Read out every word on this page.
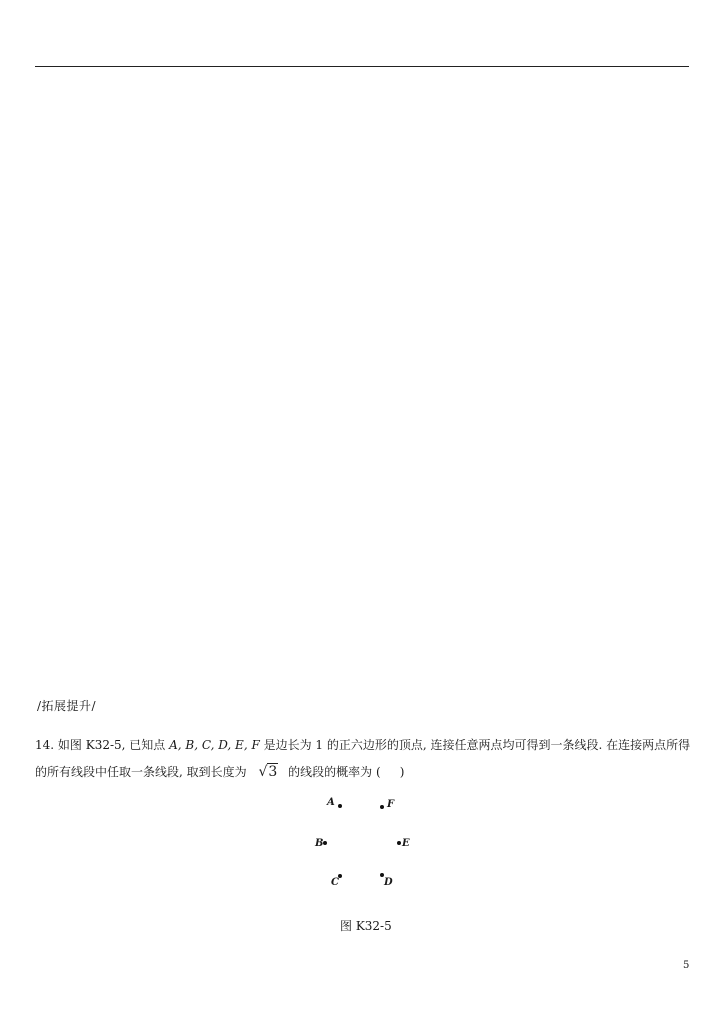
/拓展提升/
14. 如图 K32-5, 已知点 A, B, C, D, E, F 是边长为 1 的正六边形的顶点, 连接任意两点均可得到一条线段. 在连接两点所得
的所有线段中任取一条线段, 取到长度为 √3 的线段的概率为 ( )
A	F
B	E
C	D
图 K32-5
5
